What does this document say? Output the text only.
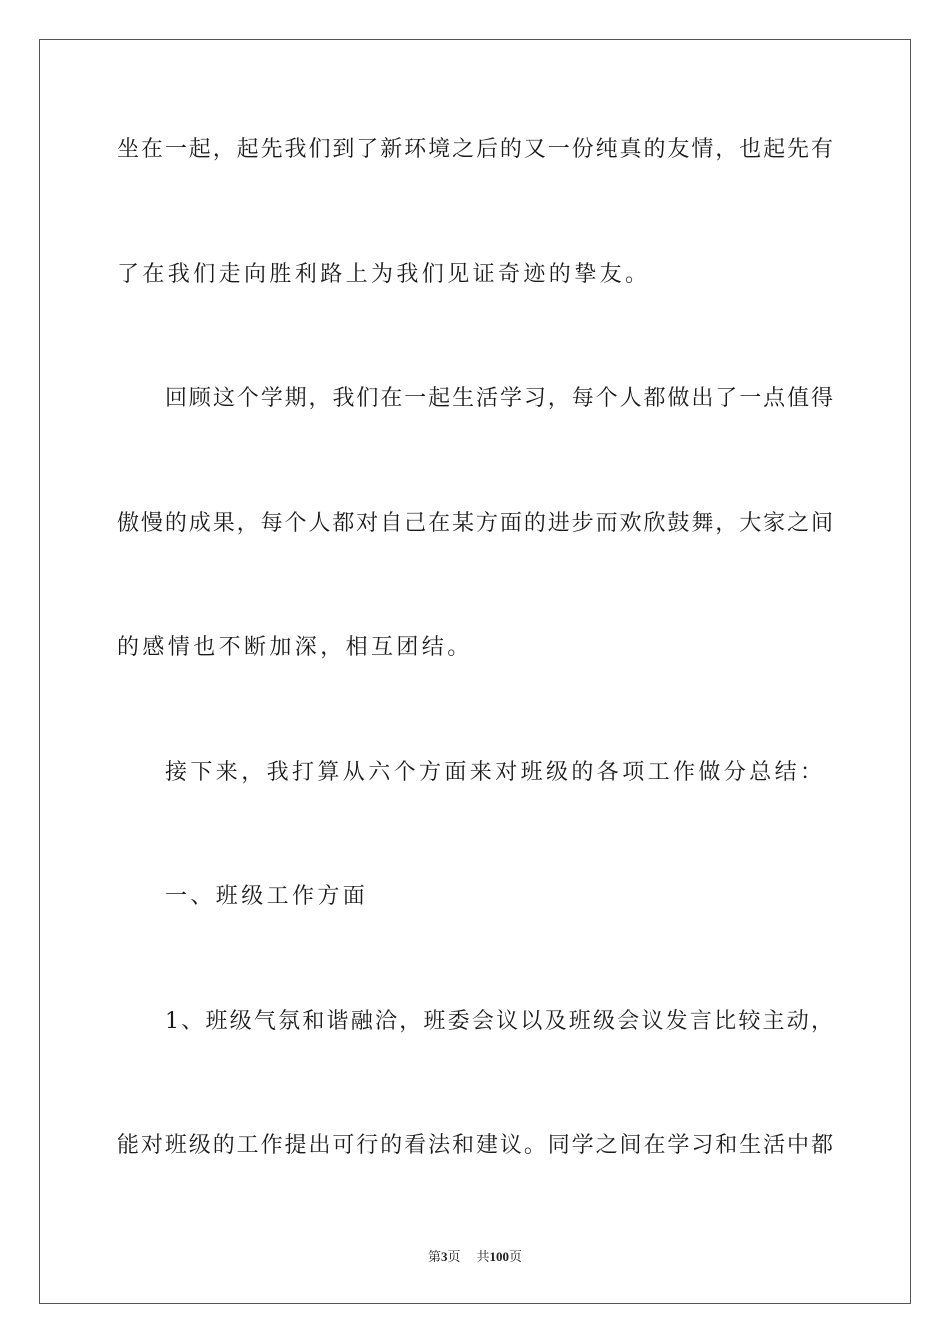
坐在一起，起先我们到了新环境之后的又一份纯真的友情，也起先有
了在我们走向胜利路上为我们见证奇迹的挚友。
回顾这个学期，我们在一起生活学习，每个人都做出了一点值得
傲慢的成果，每个人都对自己在某方面的进步而欢欣鼓舞，大家之间
的感情也不断加深，相互团结。
接下来，我打算从六个方面来对班级的各项工作做分总结：
一、班级工作方面
1、班级气氛和谐融洽，班委会议以及班级会议发言比较主动，
能对班级的工作提出可行的看法和建议。同学之间在学习和生活中都
第3页 共100页
